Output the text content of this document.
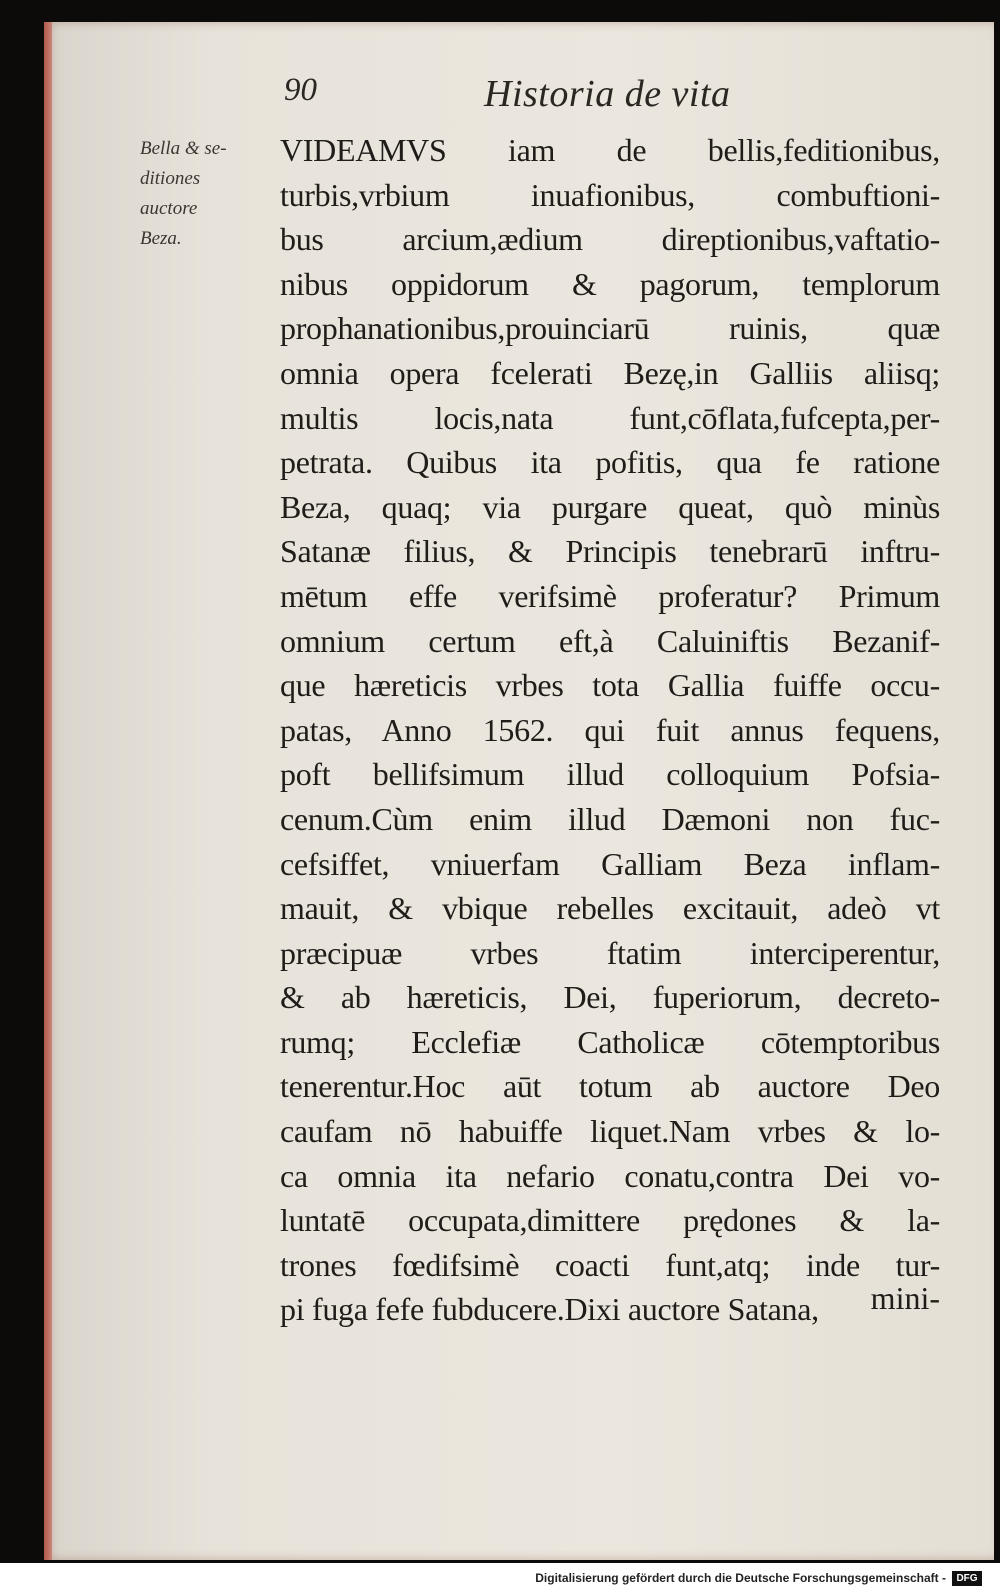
90	Historia de vita
Bella & se-
ditiones
auctore
Beza.
VIDEAMVS iam de bellis,feditionibus,
turbis,vrbium inuafionibus, combuftioni-
bus arcium,ædium direptionibus,vaftatio-
nibus oppidorum & pagorum, templorum
prophanationibus,prouinciarū ruinis, quæ
omnia opera fcelerati Bezę,in Galliis aliisq;
multis locis,nata funt,cōflata,fufcepta,per-
petrata. Quibus ita pofitis, qua fe ratione
Beza, quaq; via purgare queat, quò minùs
Satanæ filius, & Principis tenebrarū inftru-
mētum effe verifsimè proferatur? Primum
omnium certum eft,à Caluiniftis Bezanif-
que hæreticis vrbes tota Gallia fuiffe occu-
patas, Anno 1562. qui fuit annus fequens,
poft bellifsimum illud colloquium Pofsia-
cenum.Cùm enim illud Dæmoni non fuc-
cefsiffet, vniuerfam Galliam Beza inflam-
mauit, & vbique rebelles excitauit, adeò vt
præcipuæ vrbes ftatim interciperentur,
& ab hæreticis, Dei, fuperiorum, decreto-
rumq; Ecclefiæ Catholicæ cōtemptoribus
tenerentur.Hoc aūt totum ab auctore Deo
caufam nō habuiffe liquet.Nam vrbes & lo-
ca omnia ita nefario conatu,contra Dei vo-
luntatē occupata,dimittere prędones & la-
trones fœdifsimè coacti funt,atq; inde tur-
pi fuga fefe fubducere.Dixi auctore Satana,	mini-
Digitalisierung gefördert durch die Deutsche Forschungsgemeinschaft -	DFG
